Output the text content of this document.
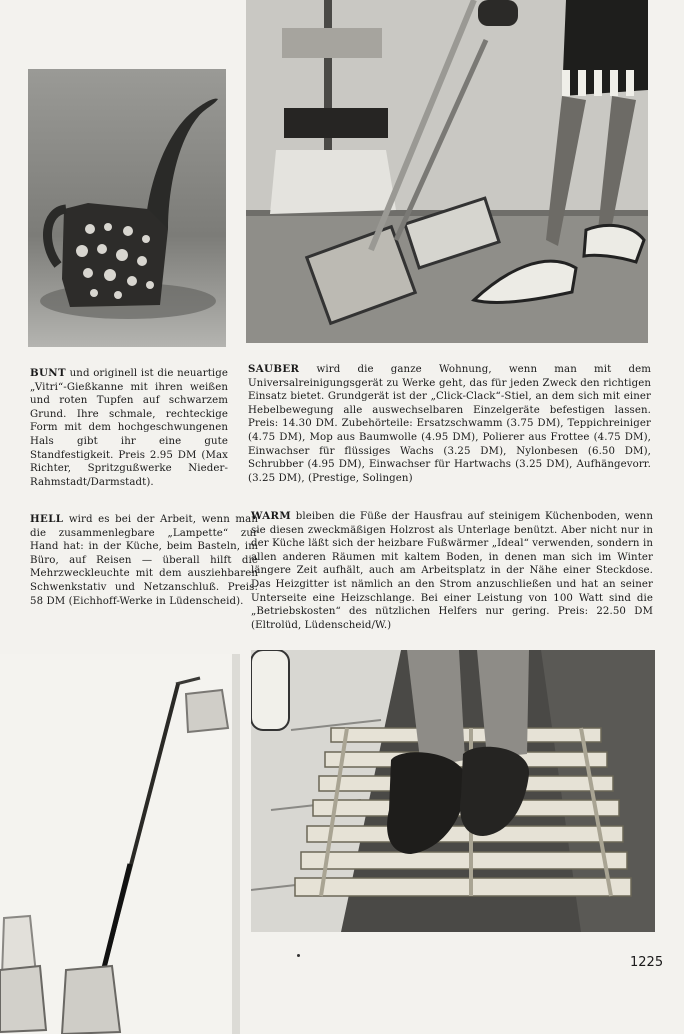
BUNT und originell ist die neuartige „Vitri“-Gießkanne mit ihren weißen und roten Tupfen auf schwarzem Grund. Ihre schmale, rechteckige Form mit dem hochgeschwungenen Hals gibt ihr eine gute Standfestigkeit. Preis 2.95 DM (Max Richter, Spritzgußwerke Nieder-Rahmstadt/Darmstadt).
SAUBER wird die ganze Wohnung, wenn man mit dem Universalreinigungsgerät zu Werke geht, das für jeden Zweck den richtigen Einsatz bietet. Grundgerät ist der „Click-Clack“-Stiel, an dem sich mit einer Hebelbewegung alle auswechselbaren Einzelgeräte befestigen lassen. Preis: 14.30 DM. Zubehörteile: Ersatzschwamm (3.75 DM), Teppichreiniger (4.75 DM), Mop aus Baumwolle (4.95 DM), Polierer aus Frottee (4.75 DM), Einwachser für flüssiges Wachs (3.25 DM), Nylonbesen (6.50 DM), Schrubber (4.95 DM), Einwachser für Hartwachs (3.25 DM), Aufhängevorr. (3.25 DM), (Prestige, Solingen)
HELL wird es bei der Arbeit, wenn man die zusammenlegbare „Lampette“ zur Hand hat: in der Küche, beim Basteln, im Büro, auf Reisen — überall hilft die Mehrzweckleuchte mit dem ausziehbaren Schwenkstativ und Netzanschluß. Preis: 58 DM (Eichhoff-Werke in Lüdenscheid).
WARM bleiben die Füße der Hausfrau auf steinigem Küchenboden, wenn sie diesen zweckmäßigen Holzrost als Unterlage benützt. Aber nicht nur in der Küche läßt sich der heizbare Fußwärmer „Ideal“ verwenden, sondern in allen anderen Räumen mit kaltem Boden, in denen man sich im Winter längere Zeit aufhält, auch am Arbeitsplatz in der Nähe einer Steckdose. Das Heizgitter ist nämlich an den Strom anzuschließen und hat an seiner Unterseite eine Heizschlange. Bei einer Leistung von 100 Watt sind die „Betriebskosten“ des nützlichen Helfers nur gering. Preis: 22.50 DM (Eltrolüd, Lüdenscheid/W.)
1225
